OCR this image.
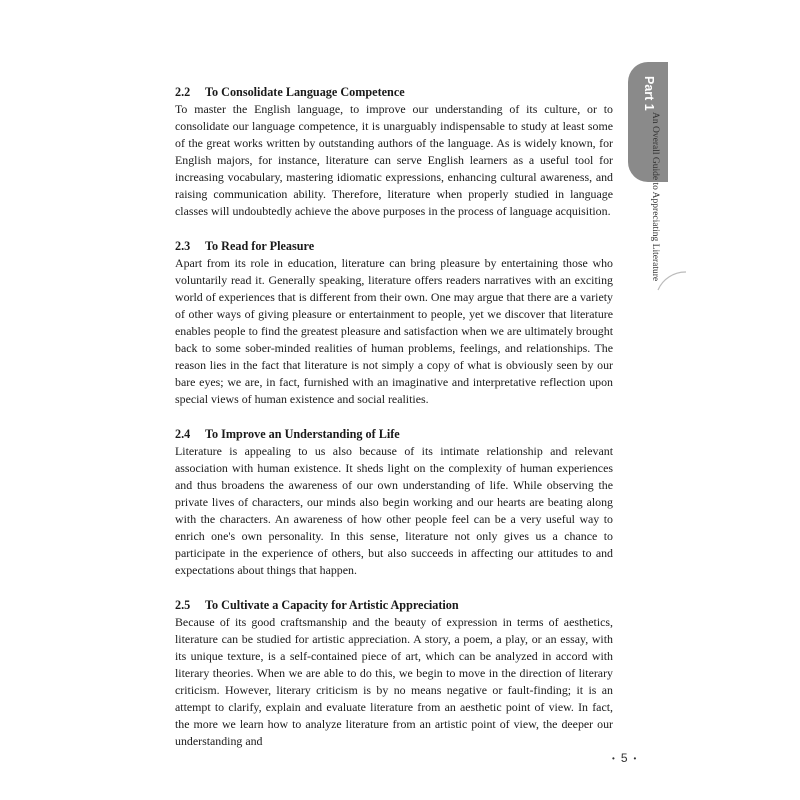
2.2 To Consolidate Language Competence

To master the English language, to improve our understanding of its culture, or to consolidate our language competence, it is unarguably indispensable to study at least some of the great works written by outstanding authors of the language. As is widely known, for English majors, for instance, literature can serve English learners as a useful tool for increasing vocabulary, mastering idiomatic expressions, enhancing cultural awareness, and raising communication ability. Therefore, literature when properly studied in language classes will undoubtedly achieve the above purposes in the process of language acquisition.

2.3 To Read for Pleasure

Apart from its role in education, literature can bring pleasure by entertaining those who voluntarily read it. Generally speaking, literature offers readers narratives with an exciting world of experiences that is different from their own. One may argue that there are a variety of other ways of giving pleasure or entertainment to people, yet we discover that literature enables people to find the greatest pleasure and satisfaction when we are ultimately brought back to some sober-minded realities of human problems, feelings, and relationships. The reason lies in the fact that literature is not simply a copy of what is obviously seen by our bare eyes; we are, in fact, furnished with an imaginative and interpretative reflection upon special views of human existence and social realities.

2.4 To Improve an Understanding of Life

Literature is appealing to us also because of its intimate relationship and relevant association with human existence. It sheds light on the complexity of human experiences and thus broadens the awareness of our own understanding of life. While observing the private lives of characters, our minds also begin working and our hearts are beating along with the characters. An awareness of how other people feel can be a very useful way to enrich one's own personality. In this sense, literature not only gives us a chance to participate in the experience of others, but also succeeds in affecting our attitudes to and expectations about things that happen.

2.5 To Cultivate a Capacity for Artistic Appreciation

Because of its good craftsmanship and the beauty of expression in terms of aesthetics, literature can be studied for artistic appreciation. A story, a poem, a play, or an essay, with its unique texture, is a self-contained piece of art, which can be analyzed in accord with literary theories. When we are able to do this, we begin to move in the direction of literary criticism. However, literary criticism is by no means negative or fault-finding; it is an attempt to clarify, explain and evaluate literature from an aesthetic point of view. In fact, the more we learn how to analyze literature from an artistic point of view, the deeper our understanding and

Part 1
An Overall Guide to Appreciating Literature
• 5 •
